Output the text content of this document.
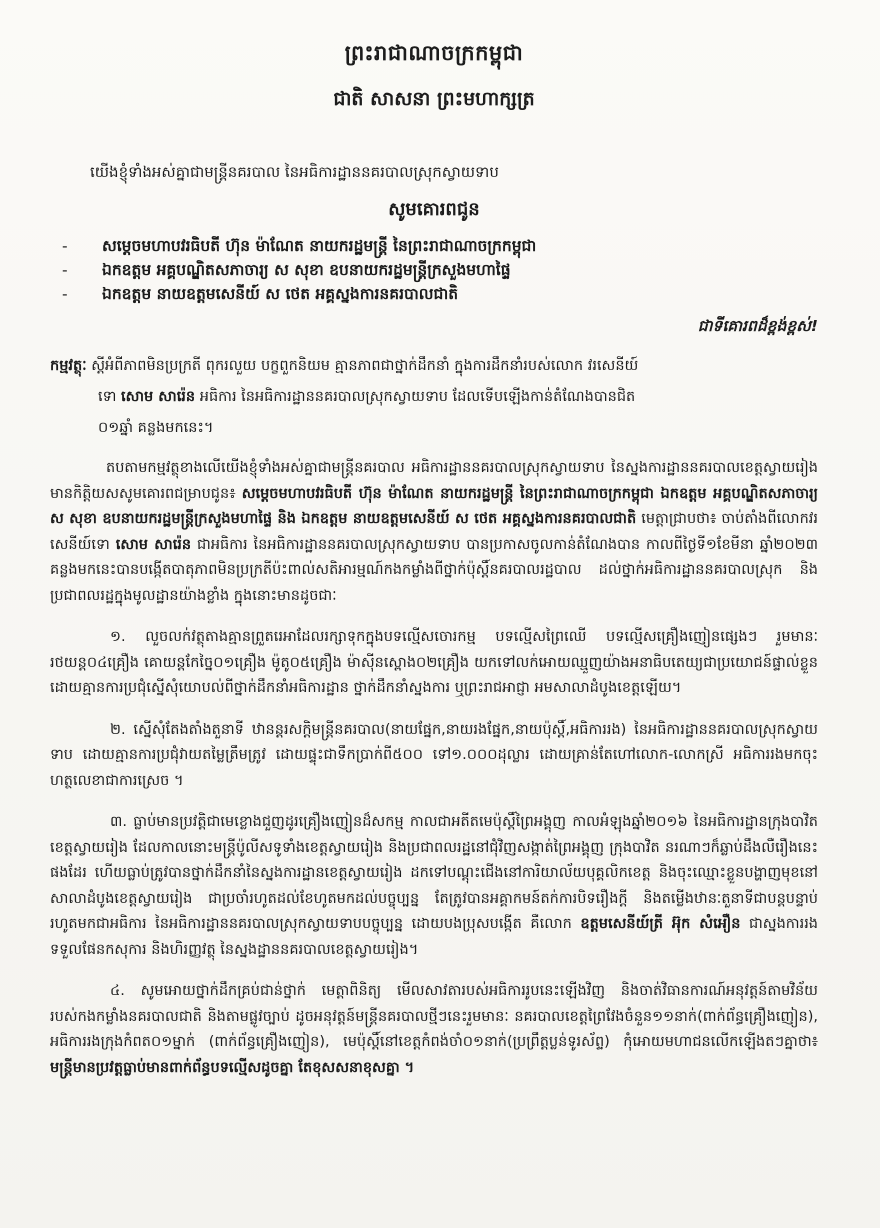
ព្រះរាជាណាចក្រកម្ពុជា

ជាតិ សាសនា ព្រះមហាក្សត្រ

យើងខ្ញុំទាំងអស់គ្នាជាមន្ត្រីនគរបាល នៃអធិការដ្ឋាននគរបាលស្រុកស្វាយទាប

សូមគោរពជូន

-	សម្តេចមហាបវរធិបតី ហ៊ុន ម៉ាណែត នាយករដ្ឋមន្ត្រី នៃព្រះរាជាណាចក្រកម្ពុជា
-	ឯកឧត្តម អគ្គបណ្ឌិតសភាចារ្យ ស សុខា ឧបនាយករដ្ឋមន្ត្រីក្រសួងមហាផ្ទៃ
-	ឯកឧត្តម នាយឧត្តមសេនីយ៍ ស ថេត អគ្គស្នងការនគរបាលជាតិ

ជាទីគោរពដ៏ខ្ពង់ខ្ពស់!

កម្មវត្ថុៈ ស្តីអំពីភាពមិនប្រក្រតី ពុករលួយ បក្ខពួកនិយម គ្មានភាពជាថ្នាក់ដឹកនាំ ក្នុងការដឹកនាំរបស់លោក វរសេនីយ៍
ទោ សោម សារ៉េន អធិការ នៃអធិការដ្ឋាននគរបាលស្រុកស្វាយទាប ដែលទើបឡើងកាន់តំណែងបានជិត
០១ឆ្នាំ គន្លងមកនេះ។

តបតាមកម្មវត្ថុខាងលើយើងខ្ញុំទាំងអស់គ្នាជាមន្ត្រីនគរបាល អធិការដ្ឋាននគរបាលស្រុកស្វាយទាប នៃស្នងការដ្ឋាននគរបាលខេត្តស្វាយរៀង មានកិត្តិយសសូមគោរពជម្រាបជូន៖ សម្តេចមហាបវរធិបតី ហ៊ុន ម៉ាណែត នាយករដ្ឋមន្ត្រី នៃព្រះរាជាណាចក្រកម្ពុជា ឯកឧត្តម អគ្គបណ្ឌិតសភាចារ្យ ស សុខា ឧបនាយករដ្ឋមន្ត្រីក្រសួងមហាផ្ទៃ និង ឯកឧត្តម នាយឧត្តមសេនីយ៍ ស ថេត អគ្គស្នងការនគរបាលជាតិ មេត្តាជ្រាបថា៖ ចាប់តាំងពីលោកវរសេនីយ៍ទោ សោម សារ៉េន ជាអធិការ នៃអធិការដ្ឋាននគរបាលស្រុកស្វាយទាប បានប្រកាសចូលកាន់តំណែងបាន កាលពីថ្ងៃទី១ខែមីនា ឆ្នាំ២០២៣ គន្លងមកនេះបានបង្កើតបាតុភាពមិនប្រក្រតីប៉ះពាល់សតិអារម្មណ៍កងកម្លាំងពីថ្នាក់ប៉ុស្តិ៍នគរបាលរដ្ឋបាល ដល់ថ្នាក់អធិការដ្ឋាននគរបាលស្រុក និងប្រជាពលរដ្ឋក្នុងមូលដ្ឋានយ៉ាងខ្លាំង ក្នុងនោះមានដូចជាៈ

១. លួចលក់វត្ថុតាងគ្មានព្រួតរេអាដែលរក្សាទុកក្នុងបទល្មើសចោរកម្ម បទល្មើសព្រៃឈើ បទល្មើសគ្រឿងញៀនផ្សេងៗ រួមមានៈរថយន្ត០៤គ្រឿង គោយន្តកែច្នៃ០១គ្រឿង ម៉ូតូ០៥គ្រឿង ម៉ាស៊ីនស្ពោង០២គ្រឿង យកទៅលក់អោយឈ្មួញយ៉ាងអនាធិបតេយ្យជាប្រយោជន៍ផ្ទាល់ខ្លួន ដោយគ្មានការប្រជុំស្នើសុំយោបល់ពីថ្នាក់ដឹកនាំអធិការដ្ឋាន ថ្នាក់ដឹកនាំស្នងការ ឬព្រះរាជអាជ្ញា អមសាលាដំបូងខេត្តឡើយ។

២. ស្នើសុំតែងតាំងតួនាទី ឋានន្តរសក្តិមន្ត្រីនគរបាល(នាយផ្នែក,នាយរងផ្នែក,នាយប៉ុស្តិ៍,អធិការរង) នៃអធិការដ្ឋាននគរបាលស្រុកស្វាយទាប ដោយគ្មានការប្រជុំវាយតម្លៃត្រឹមត្រូវ ដោយផ្ទុះជាទឹកប្រាក់ពី៥០០ ទៅ១.០០០ដុល្លារ ដោយគ្រាន់តែហៅលោក-លោកស្រី អធិការរងមកចុះហត្ថលេខាជាការស្រេច ។

៣. ធ្លាប់មានប្រវត្តិជាមេខ្លោងជួញដូរគ្រឿងញៀនដ៏សកម្ម កាលជាអតីតមេប៉ុស្តិ៍ព្រៃអង្គុញ កាលអំឡុងឆ្នាំ២០១៦ នៃអធិការដ្ឋានក្រុងបាវិត ខេត្តស្វាយរៀង ដែលកាលនោះមន្ត្រីប៉ូលីសទូទាំងខេត្តស្វាយរៀង និងប្រជាពលរដ្ឋនៅជុំវិញសង្កាត់ព្រៃអង្គុញ ក្រុងបាវិត នរណាៗក៏ឆ្លាប់ដឹងលឺរឿងនេះផងដែរ ហើយធ្លាប់ត្រូវបានថ្នាក់ដឹកនាំនៃស្នងការដ្ឋានខេត្តស្វាយរៀង ដកទៅបណ្តុះជើងនៅការិយាល័យបុគ្គលិកខេត្ត និងចុះឈ្មោះខ្លួនបង្ហាញមុខនៅ សាលាដំបូងខេត្តស្វាយរៀង ជាប្រចាំរហូតដល់ខែហូតមកដល់បច្ចុប្បន្ន តែត្រូវបានអគ្គាកមន៍តក់ការបិទរឿងក្តី និងតម្លើងឋានៈតួនាទីជាបន្តបន្ទាប់រហូតមកជាអធិការ នៃអធិការដ្ឋាននគរបាលស្រុកស្វាយទាបបច្ចុប្បន្ន ដោយបងប្រុសបង្កើត គឺលោក ឧត្តមសេនីយ៍ត្រី អ៊ុក សំអឿន ជាស្នងការរង ទទួលផែនកសុការ និងហិរញ្ញវត្ថុ នៃស្នងដ្ឋាននគរបាលខេត្តស្វាយរៀង។

៤. សូមអោយថ្នាក់ដឹកគ្រប់ជាន់ថ្នាក់ មេត្តាពិនិត្យ មើលសាវតារបស់អធិការរូបនេះឡើងវិញ និងចាត់វិធានការណ៍អនុវត្តន៍តាមវិន័យរបស់កងកម្លាំងនគរបាលជាតិ និងតាមផ្លូវច្បាប់ ដូចអនុវត្តន៍មន្ត្រីនគរបាលថ្មីៗនេះរួមមានៈ នគរបាលខេត្តព្រៃវែងចំនួន១១នាក់(ពាក់ព័ន្ធគ្រឿងញៀន), អធិការរងក្រុងកំពត០១ម្នាក់ (ពាក់ព័ន្ធគ្រឿងញៀន), មេប៉ុស្តិ៍នៅខេត្តកំពង់ចាំ០១នាក់(ប្រព្រឹត្តប្លន់ទូរស័ព្ទ) កុំអោយមហាជនលើកឡើងតៗគ្នាថា៖ មន្ត្រីមានប្រវត្តធ្លាប់មានពាក់ព័ន្ធបទល្មើសដូចគ្នា តែខុសសនាខុសគ្នា ។
